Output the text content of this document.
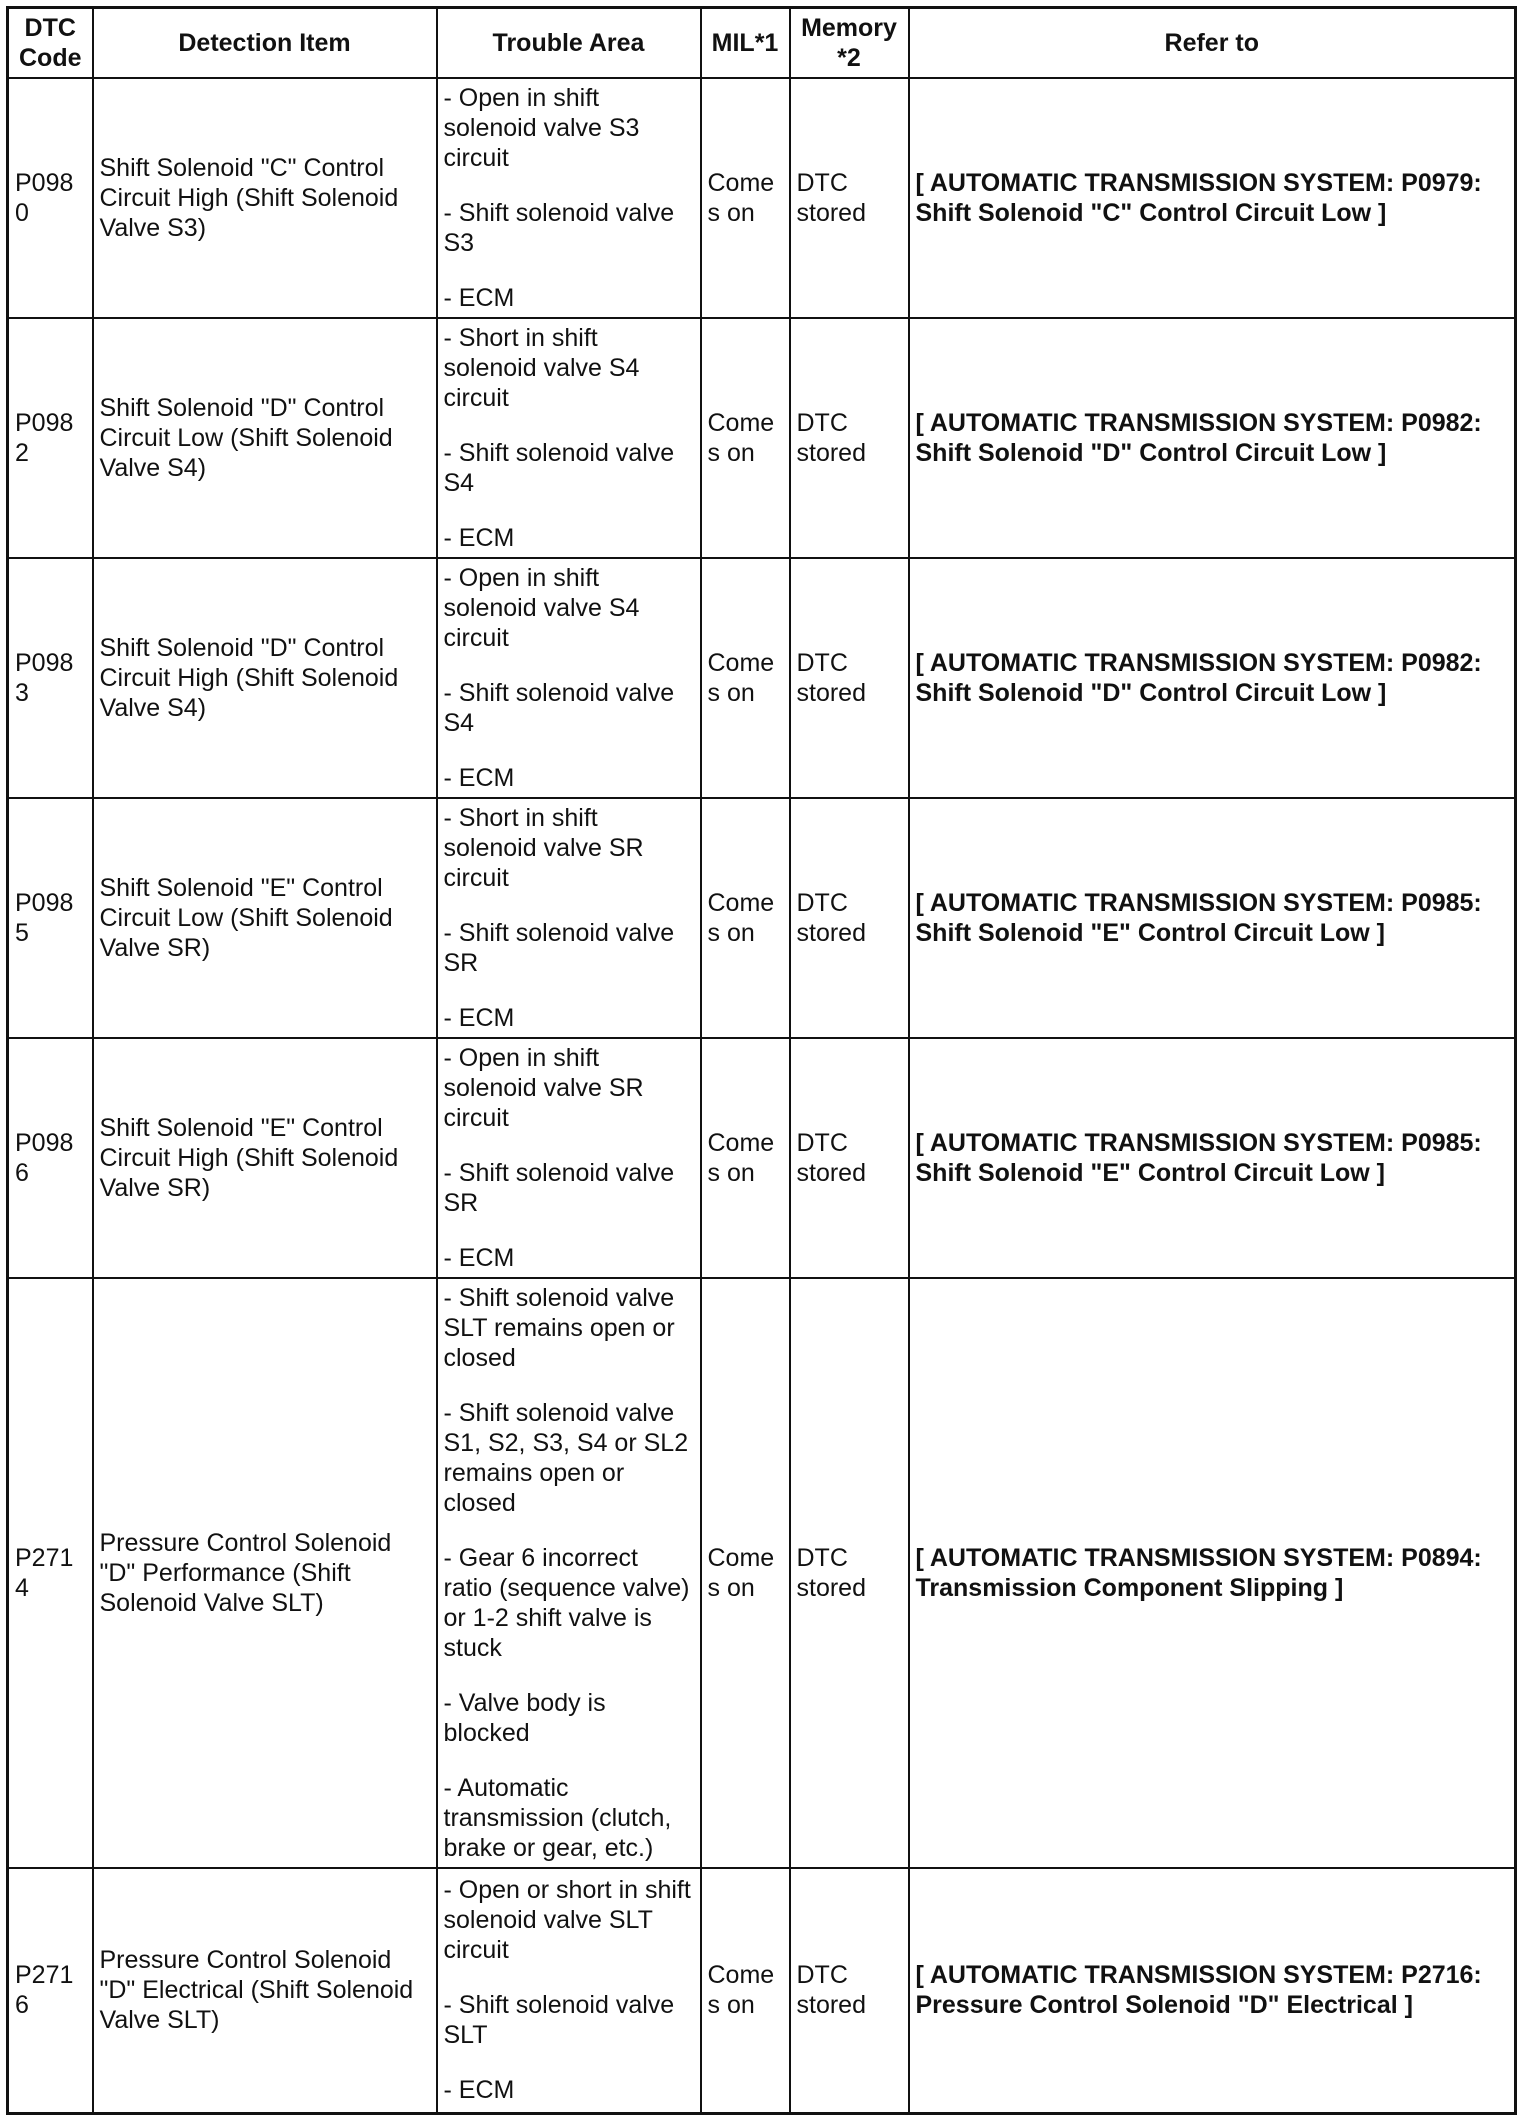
DTC Code	Detection Item	Trouble Area	MIL*1	Memory*2	Refer to
P0980	Shift Solenoid "C" Control Circuit High (Shift Solenoid Valve S3)	- Open in shift solenoid valve S3 circuit
- Shift solenoid valve S3
- ECM	Comes on	DTC stored	[ AUTOMATIC TRANSMISSION SYSTEM: P0979: Shift Solenoid "C" Control Circuit Low ]
P0982	Shift Solenoid "D" Control Circuit Low (Shift Solenoid Valve S4)	- Short in shift solenoid valve S4 circuit
- Shift solenoid valve S4
- ECM	Comes on	DTC stored	[ AUTOMATIC TRANSMISSION SYSTEM: P0982: Shift Solenoid "D" Control Circuit Low ]
P0983	Shift Solenoid "D" Control Circuit High (Shift Solenoid Valve S4)	- Open in shift solenoid valve S4 circuit
- Shift solenoid valve S4
- ECM	Comes on	DTC stored	[ AUTOMATIC TRANSMISSION SYSTEM: P0982: Shift Solenoid "D" Control Circuit Low ]
P0985	Shift Solenoid "E" Control Circuit Low (Shift Solenoid Valve SR)	- Short in shift solenoid valve SR circuit
- Shift solenoid valve SR
- ECM	Comes on	DTC stored	[ AUTOMATIC TRANSMISSION SYSTEM: P0985: Shift Solenoid "E" Control Circuit Low ]
P0986	Shift Solenoid "E" Control Circuit High (Shift Solenoid Valve SR)	- Open in shift solenoid valve SR circuit
- Shift solenoid valve SR
- ECM	Comes on	DTC stored	[ AUTOMATIC TRANSMISSION SYSTEM: P0985: Shift Solenoid "E" Control Circuit Low ]
P2714	Pressure Control Solenoid "D" Performance (Shift Solenoid Valve SLT)	- Shift solenoid valve SLT remains open or closed
- Shift solenoid valve S1, S2, S3, S4 or SL2 remains open or closed
- Gear 6 incorrect ratio (sequence valve) or 1-2 shift valve is stuck
- Valve body is blocked
- Automatic transmission (clutch, brake or gear, etc.)	Comes on	DTC stored	[ AUTOMATIC TRANSMISSION SYSTEM: P0894: Transmission Component Slipping ]
P2716	Pressure Control Solenoid "D" Electrical (Shift Solenoid Valve SLT)	- Open or short in shift solenoid valve SLT circuit
- Shift solenoid valve SLT
- ECM	Comes on	DTC stored	[ AUTOMATIC TRANSMISSION SYSTEM: P2716: Pressure Control Solenoid "D" Electrical ]
